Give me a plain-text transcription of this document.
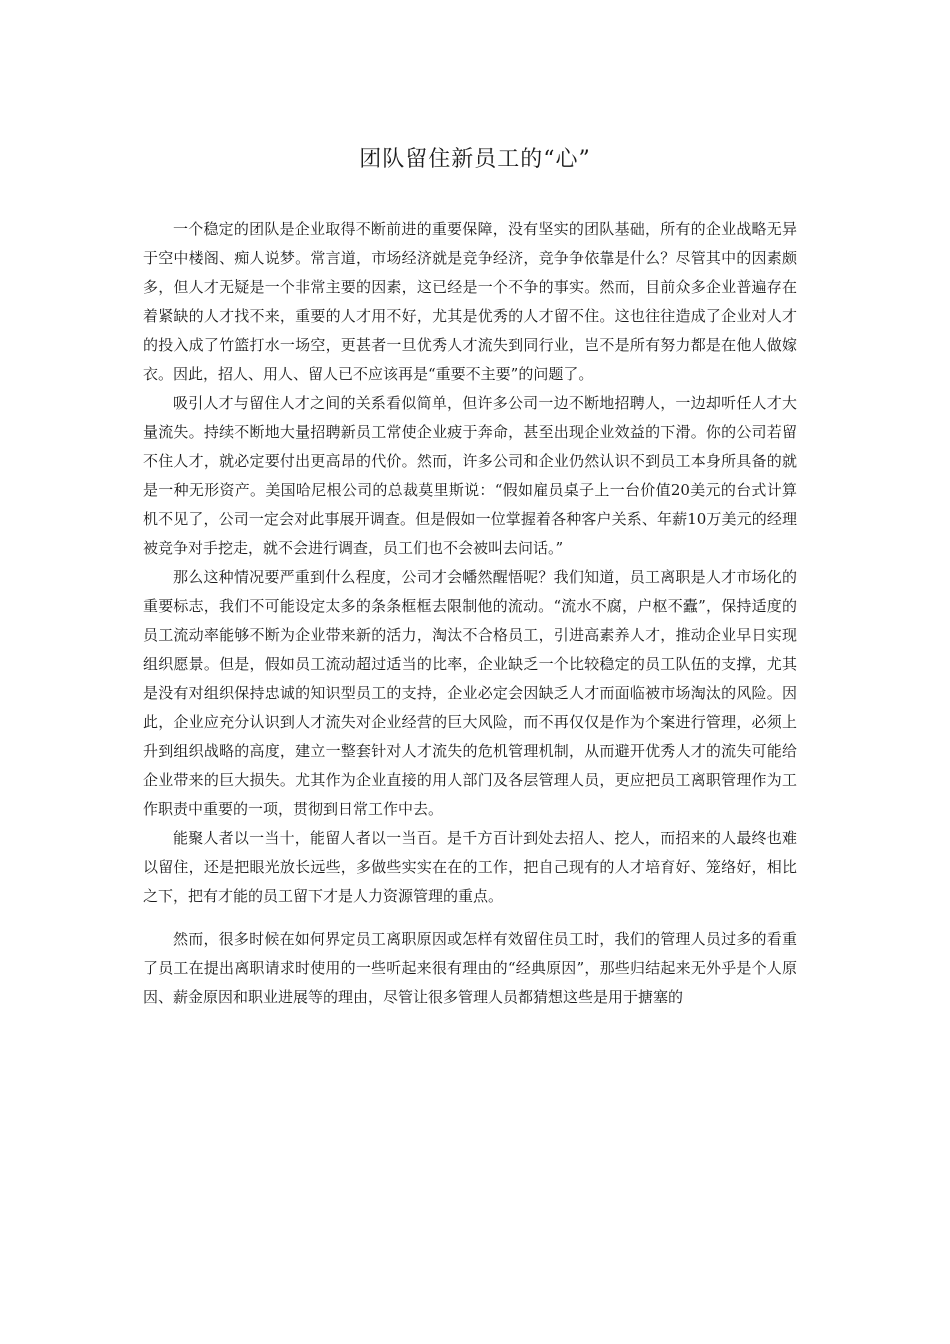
团队留住新员工的“心”

一个稳定的团队是企业取得不断前进的重要保障，没有坚实的团队基础，所有的企业战略无异于空中楼阁、痴人说梦。常言道，市场经济就是竞争经济，竞争争依靠是什么？尽管其中的因素颇多，但人才无疑是一个非常主要的因素，这已经是一个不争的事实。然而，目前众多企业普遍存在着紧缺的人才找不来，重要的人才用不好，尤其是优秀的人才留不住。这也往往造成了企业对人才的投入成了竹篮打水一场空，更甚者一旦优秀人才流失到同行业，岂不是所有努力都是在他人做嫁衣。因此，招人、用人、留人已不应该再是“重要不主要”的问题了。

吸引人才与留住人才之间的关系看似简单，但许多公司一边不断地招聘人，一边却听任人才大量流失。持续不断地大量招聘新员工常使企业疲于奔命，甚至出现企业效益的下滑。你的公司若留不住人才，就必定要付出更高昂的代价。然而，许多公司和企业仍然认识不到员工本身所具备的就是一种无形资产。美国哈尼根公司的总裁莫里斯说：“假如雇员桌子上一台价值20美元的台式计算机不见了，公司一定会对此事展开调查。但是假如一位掌握着各种客户关系、年薪10万美元的经理被竞争对手挖走，就不会进行调查，员工们也不会被叫去问话。”

那么这种情况要严重到什么程度，公司才会幡然醒悟呢？我们知道，员工离职是人才市场化的重要标志，我们不可能设定太多的条条框框去限制他的流动。“流水不腐，户枢不蠹”，保持适度的员工流动率能够不断为企业带来新的活力，淘汰不合格员工，引进高素养人才，推动企业早日实现组织愿景。但是，假如员工流动超过适当的比率，企业缺乏一个比较稳定的员工队伍的支撑，尤其是没有对组织保持忠诚的知识型员工的支持，企业必定会因缺乏人才而面临被市场淘汰的风险。因此，企业应充分认识到人才流失对企业经营的巨大风险，而不再仅仅是作为个案进行管理，必须上升到组织战略的高度，建立一整套针对人才流失的危机管理机制，从而避开优秀人才的流失可能给企业带来的巨大损失。尤其作为企业直接的用人部门及各层管理人员，更应把员工离职管理作为工作职责中重要的一项，贯彻到日常工作中去。

能聚人者以一当十，能留人者以一当百。是千方百计到处去招人、挖人，而招来的人最终也难以留住，还是把眼光放长远些，多做些实实在在的工作，把自己现有的人才培育好、笼络好，相比之下，把有才能的员工留下才是人力资源管理的重点。

然而，很多时候在如何界定员工离职原因或怎样有效留住员工时，我们的管理人员过多的看重了员工在提出离职请求时使用的一些听起来很有理由的“经典原因”，那些归结起来无外乎是个人原因、薪金原因和职业进展等的理由，尽管让很多管理人员都猜想这些是用于搪塞的
